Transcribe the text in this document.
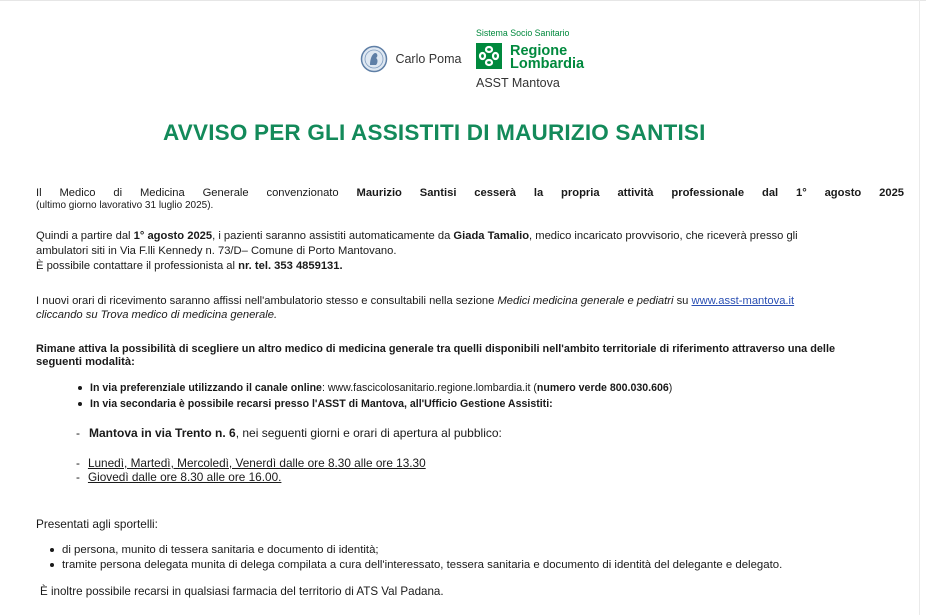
Carlo Poma
Sistema Socio Sanitario
Regione
Lombardia
ASST Mantova
AVVISO PER GLI ASSISTITI DI MAURIZIO SANTISI
Il Medico di Medicina Generale convenzionato Maurizio Santisi cesserà la propria attività professionale dal 1° agosto 2025
(ultimo giorno lavorativo 31 luglio 2025).
Quindi a partire dal 1° agosto 2025, i pazienti saranno assistiti automaticamente da Giada Tamalio, medico incaricato provvisorio, che riceverà presso gli
ambulatori siti in Via F.lli Kennedy n. 73/D– Comune di Porto Mantovano.
È possibile contattare il professionista al nr. tel. 353 4859131.
I nuovi orari di ricevimento saranno affissi nell'ambulatorio stesso e consultabili nella sezione Medici medicina generale e pediatri su www.asst-mantova.it
cliccando su Trova medico di medicina generale.
Rimane attiva la possibilità di scegliere un altro medico di medicina generale tra quelli disponibili nell'ambito territoriale di riferimento attraverso una delle
seguenti modalità:
In via preferenziale utilizzando il canale online: www.fascicolosanitario.regione.lombardia.it (numero verde 800.030.606)
In via secondaria è possibile recarsi presso l'ASST di Mantova, all'Ufficio Gestione Assistiti:
- Mantova in via Trento n. 6, nei seguenti giorni e orari di apertura al pubblico:
- Lunedì, Martedì, Mercoledì, Venerdì dalle ore 8.30 alle ore 13.30
- Giovedì dalle ore 8.30 alle ore 16.00.
Presentati agli sportelli:
di persona, munito di tessera sanitaria e documento di identità;
tramite persona delegata munita di delega compilata a cura dell'interessato, tessera sanitaria e documento di identità del delegante e delegato.
È inoltre possibile recarsi in qualsiasi farmacia del territorio di ATS Val Padana.
